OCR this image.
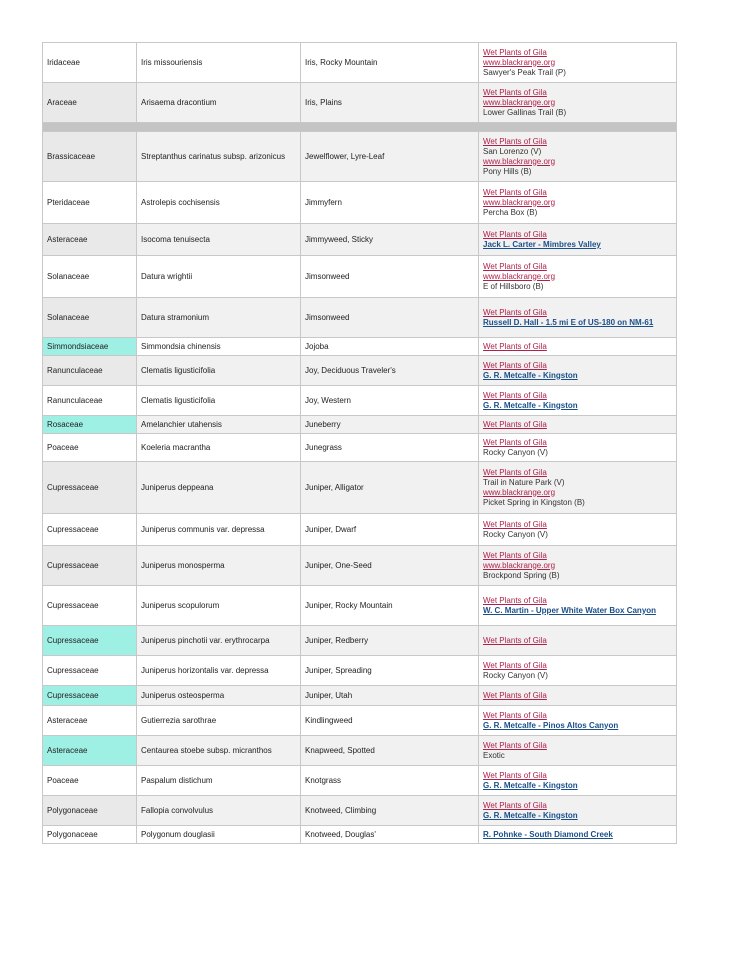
Iridaceae	Iris missouriensis	Iris, Rocky Mountain	Wet Plants of Gila
www.blackrange.org
Sawyer's Peak Trail (P)

Araceae	Arisaema dracontium	Iris, Plains	Wet Plants of Gila
www.blackrange.org
Lower Gallinas Trail (B)

Brassicaceae	Streptanthus carinatus subsp. arizonicus	Jewelflower, Lyre-Leaf	Wet Plants of Gila
San Lorenzo (V)
www.blackrange.org
Pony Hills (B)

Pteridaceae	Astrolepis cochisensis	Jimmyfern	Wet Plants of Gila
www.blackrange.org
Percha Box (B)

Asteraceae	Isocoma tenuisecta	Jimmyweed, Sticky	Wet Plants of Gila
Jack L. Carter - Mimbres Valley

Solanaceae	Datura wrightii	Jimsonweed	Wet Plants of Gila
www.blackrange.org
E of Hillsboro (B)

Solanaceae	Datura stramonium	Jimsonweed	Wet Plants of Gila
Russell D. Hall - 1.5 mi E of US-180 on NM-61

Simmondsiaceae	Simmondsia chinensis	Jojoba	Wet Plants of Gila

Ranunculaceae	Clematis ligusticifolia	Joy, Deciduous Traveler's	Wet Plants of Gila
G. R. Metcalfe - Kingston

Ranunculaceae	Clematis ligusticifolia	Joy, Western	Wet Plants of Gila
G. R. Metcalfe - Kingston

Rosaceae	Amelanchier utahensis	Juneberry	Wet Plants of Gila

Poaceae	Koeleria macrantha	Junegrass	Wet Plants of Gila
Rocky Canyon (V)

Cupressaceae	Juniperus deppeana	Juniper, Alligator	Wet Plants of Gila
Trail in Nature Park (V)
www.blackrange.org
Picket Spring in Kingston (B)

Cupressaceae	Juniperus communis var. depressa	Juniper, Dwarf	Wet Plants of Gila
Rocky Canyon (V)

Cupressaceae	Juniperus monosperma	Juniper, One-Seed	Wet Plants of Gila
www.blackrange.org
Brockpond Spring (B)

Cupressaceae	Juniperus scopulorum	Juniper, Rocky Mountain	Wet Plants of Gila
W. C. Martin - Upper White Water Box Canyon

Cupressaceae	Juniperus pinchotii var. erythrocarpa	Juniper, Redberry	Wet Plants of Gila

Cupressaceae	Juniperus horizontalis var. depressa	Juniper, Spreading	Wet Plants of Gila
Rocky Canyon (V)

Cupressaceae	Juniperus osteosperma	Juniper, Utah	Wet Plants of Gila

Asteraceae	Gutierrezia sarothrae	Kindlingweed	Wet Plants of Gila
G. R. Metcalfe - Pinos Altos Canyon

Asteraceae	Centaurea stoebe subsp. micranthos	Knapweed, Spotted	Wet Plants of Gila
Exotic

Poaceae	Paspalum distichum	Knotgrass	Wet Plants of Gila
G. R. Metcalfe - Kingston

Polygonaceae	Fallopia convolvulus	Knotweed, Climbing	Wet Plants of Gila
G. R. Metcalfe - Kingston

Polygonaceae	Polygonum douglasii	Knotweed, Douglas'	R. Pohnke - South Diamond Creek
